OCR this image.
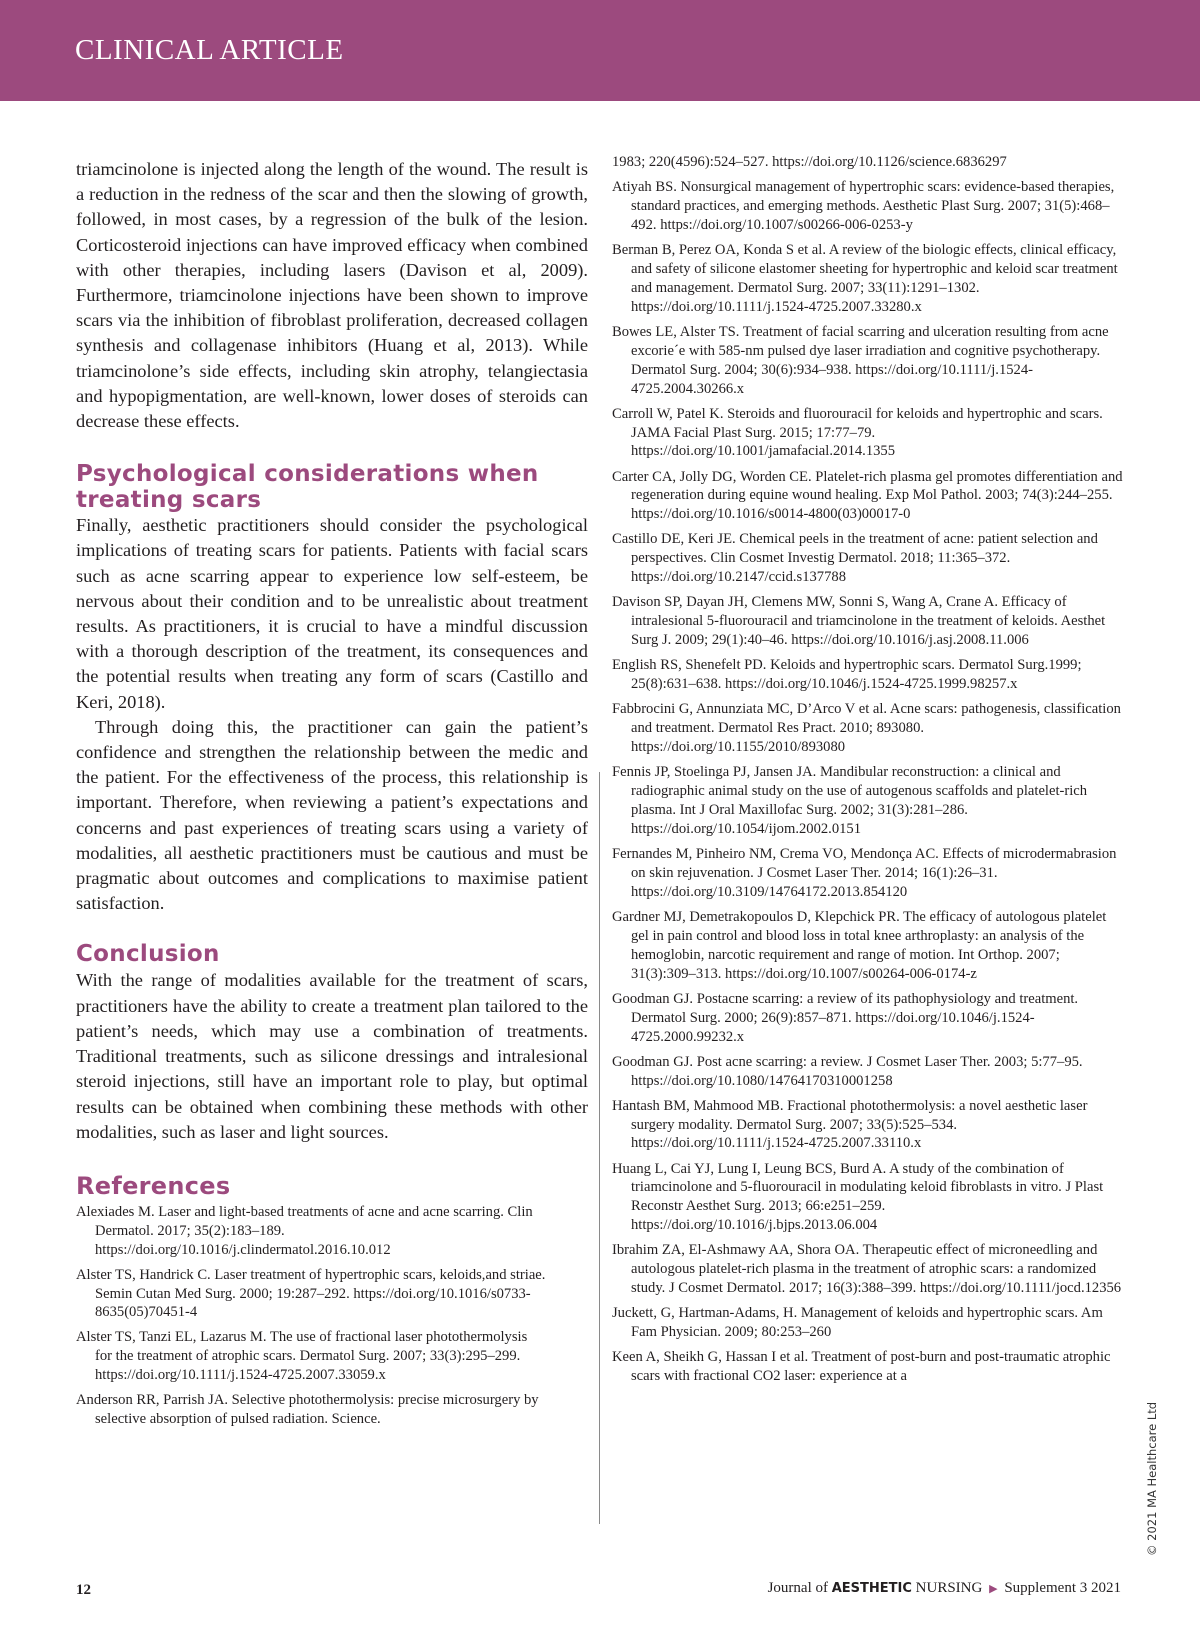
CLINICAL ARTICLE

triamcinolone is injected along the length of the wound. The result is a reduction in the redness of the scar and then the slowing of growth, followed, in most cases, by a regression of the bulk of the lesion. Corticosteroid injections can have improved efficacy when combined with other therapies, including lasers (Davison et al, 2009). Furthermore, triamcinolone injections have been shown to improve scars via the inhibition of fibroblast proliferation, decreased collagen synthesis and collagenase inhibitors (Huang et al, 2013). While triamcinolone’s side effects, including skin atrophy, telangiectasia and hypopigmentation, are well-known, lower doses of steroids can decrease these effects.

Psychological considerations when treating scars

Finally, aesthetic practitioners should consider the psychological implications of treating scars for patients. Patients with facial scars such as acne scarring appear to experience low self-esteem, be nervous about their condition and to be unrealistic about treatment results. As practitioners, it is crucial to have a mindful discussion with a thorough description of the treatment, its consequences and the potential results when treating any form of scars (Castillo and Keri, 2018).

Through doing this, the practitioner can gain the patient’s confidence and strengthen the relationship between the medic and the patient. For the effectiveness of the process, this relationship is important. Therefore, when reviewing a patient’s expectations and concerns and past experiences of treating scars using a variety of modalities, all aesthetic practitioners must be cautious and must be pragmatic about outcomes and complications to maximise patient satisfaction.

Conclusion

With the range of modalities available for the treatment of scars, practitioners have the ability to create a treatment plan tailored to the patient’s needs, which may use a combination of treatments. Traditional treatments, such as silicone dressings and intralesional steroid injections, still have an important role to play, but optimal results can be obtained when combining these methods with other modalities, such as laser and light sources.

References
Alexiades M. Laser and light-based treatments of acne and acne scarring. Clin Dermatol. 2017; 35(2):183–189. https://doi.org/10.1016/j.clindermatol.2016.10.012
Alster TS, Handrick C. Laser treatment of hypertrophic scars, keloids,and striae. Semin Cutan Med Surg. 2000; 19:287–292. https://doi.org/10.1016/s0733-8635(05)70451-4
Alster TS, Tanzi EL, Lazarus M. The use of fractional laser photothermolysis for the treatment of atrophic scars. Dermatol Surg. 2007; 33(3):295–299. https://doi.org/10.1111/j.1524-4725.2007.33059.x
Anderson RR, Parrish JA. Selective photothermolysis: precise microsurgery by selective absorption of pulsed radiation. Science.
1983; 220(4596):524–527. https://doi.org/10.1126/science.6836297
Atiyah BS. Nonsurgical management of hypertrophic scars: evidence-based therapies, standard practices, and emerging methods. Aesthetic Plast Surg. 2007; 31(5):468–492. https://doi.org/10.1007/s00266-006-0253-y
Berman B, Perez OA, Konda S et al. A review of the biologic effects, clinical efficacy, and safety of silicone elastomer sheeting for hypertrophic and keloid scar treatment and management. Dermatol Surg. 2007; 33(11):1291–1302. https://doi.org/10.1111/j.1524-4725.2007.33280.x
Bowes LE, Alster TS. Treatment of facial scarring and ulceration resulting from acne excorie´e with 585-nm pulsed dye laser irradiation and cognitive psychotherapy. Dermatol Surg. 2004; 30(6):934–938. https://doi.org/10.1111/j.1524-4725.2004.30266.x
Carroll W, Patel K. Steroids and fluorouracil for keloids and hypertrophic and scars. JAMA Facial Plast Surg. 2015; 17:77–79. https://doi.org/10.1001/jamafacial.2014.1355
Carter CA, Jolly DG, Worden CE. Platelet-rich plasma gel promotes differentiation and regeneration during equine wound healing. Exp Mol Pathol. 2003; 74(3):244–255. https://doi.org/10.1016/s0014-4800(03)00017-0
Castillo DE, Keri JE. Chemical peels in the treatment of acne: patient selection and perspectives. Clin Cosmet Investig Dermatol. 2018; 11:365–372. https://doi.org/10.2147/ccid.s137788
Davison SP, Dayan JH, Clemens MW, Sonni S, Wang A, Crane A. Efficacy of intralesional 5-fluorouracil and triamcinolone in the treatment of keloids. Aesthet Surg J. 2009; 29(1):40–46. https://doi.org/10.1016/j.asj.2008.11.006
English RS, Shenefelt PD. Keloids and hypertrophic scars. Dermatol Surg.1999; 25(8):631–638. https://doi.org/10.1046/j.1524-4725.1999.98257.x
Fabbrocini G, Annunziata MC, D’Arco V et al. Acne scars: pathogenesis, classification and treatment. Dermatol Res Pract. 2010; 893080. https://doi.org/10.1155/2010/893080
Fennis JP, Stoelinga PJ, Jansen JA. Mandibular reconstruction: a clinical and radiographic animal study on the use of autogenous scaffolds and platelet-rich plasma. Int J Oral Maxillofac Surg. 2002; 31(3):281–286. https://doi.org/10.1054/ijom.2002.0151
Fernandes M, Pinheiro NM, Crema VO, Mendonça AC. Effects of microdermabrasion on skin rejuvenation. J Cosmet Laser Ther. 2014; 16(1):26–31. https://doi.org/10.3109/14764172.2013.854120
Gardner MJ, Demetrakopoulos D, Klepchick PR. The efficacy of autologous platelet gel in pain control and blood loss in total knee arthroplasty: an analysis of the hemoglobin, narcotic requirement and range of motion. Int Orthop. 2007; 31(3):309–313. https://doi.org/10.1007/s00264-006-0174-z
Goodman GJ. Postacne scarring: a review of its pathophysiology and treatment. Dermatol Surg. 2000; 26(9):857–871. https://doi.org/10.1046/j.1524-4725.2000.99232.x
Goodman GJ. Post acne scarring: a review. J Cosmet Laser Ther. 2003; 5:77–95. https://doi.org/10.1080/14764170310001258
Hantash BM, Mahmood MB. Fractional photothermolysis: a novel aesthetic laser surgery modality. Dermatol Surg. 2007; 33(5):525–534. https://doi.org/10.1111/j.1524-4725.2007.33110.x
Huang L, Cai YJ, Lung I, Leung BCS, Burd A. A study of the combination of triamcinolone and 5-fluorouracil in modulating keloid fibroblasts in vitro. J Plast Reconstr Aesthet Surg. 2013; 66:e251–259. https://doi.org/10.1016/j.bjps.2013.06.004
Ibrahim ZA, El-Ashmawy AA, Shora OA. Therapeutic effect of microneedling and autologous platelet-rich plasma in the treatment of atrophic scars: a randomized study. J Cosmet Dermatol. 2017; 16(3):388–399. https://doi.org/10.1111/jocd.12356
Juckett, G, Hartman-Adams, H. Management of keloids and hypertrophic scars. Am Fam Physician. 2009; 80:253–260
Keen A, Sheikh G, Hassan I et al. Treatment of post-burn and post-traumatic atrophic scars with fractional CO2 laser: experience at a
© 2021 MA Healthcare Ltd
12	Journal of AESTHETIC NURSING ▶ Supplement 3 2021
